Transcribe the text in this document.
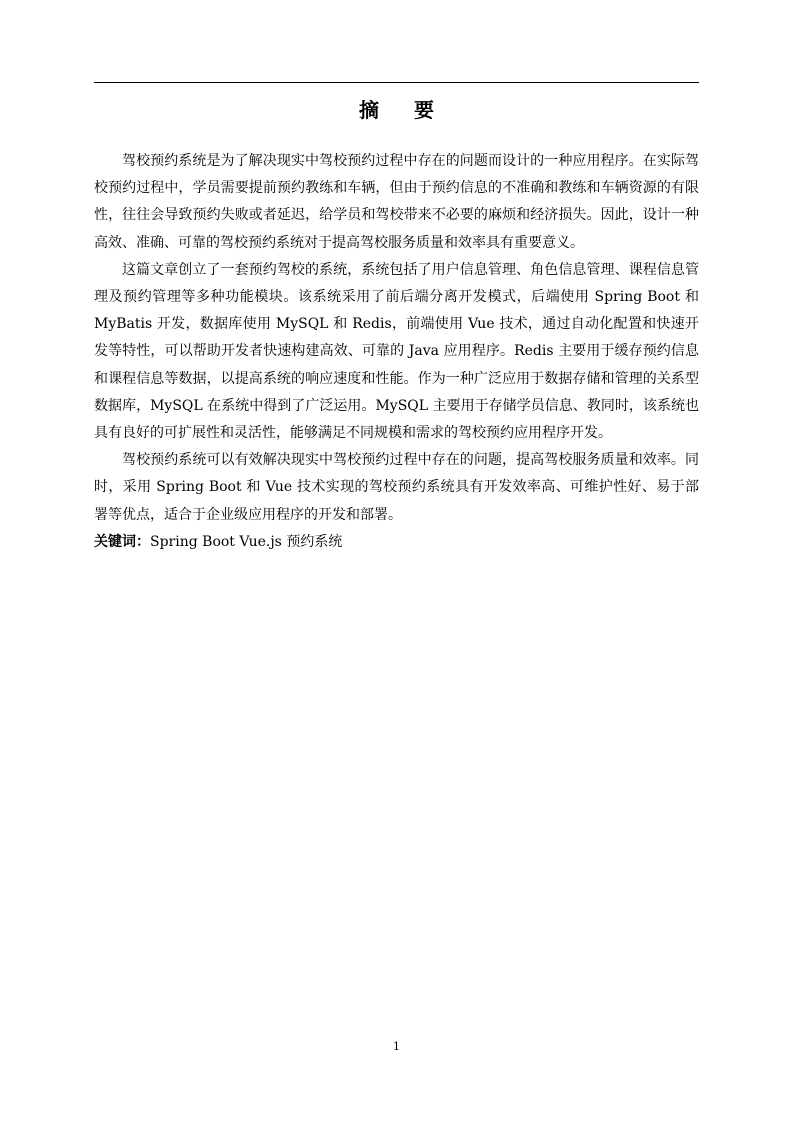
摘 要

驾校预约系统是为了解决现实中驾校预约过程中存在的问题而设计的一种应用程序。在实际驾校预约过程中，学员需要提前预约教练和车辆，但由于预约信息的不准确和教练和车辆资源的有限性，往往会导致预约失败或者延迟，给学员和驾校带来不必要的麻烦和经济损失。因此，设计一种高效、准确、可靠的驾校预约系统对于提高驾校服务质量和效率具有重要意义。

这篇文章创立了一套预约驾校的系统，系统包括了用户信息管理、角色信息管理、课程信息管理及预约管理等多种功能模块。该系统采用了前后端分离开发模式，后端使用 Spring Boot 和 MyBatis 开发，数据库使用 MySQL 和 Redis，前端使用 Vue 技术，通过自动化配置和快速开发等特性，可以帮助开发者快速构建高效、可靠的 Java 应用程序。Redis 主要用于缓存预约信息和课程信息等数据，以提高系统的响应速度和性能。作为一种广泛应用于数据存储和管理的关系型数据库，MySQL 在系统中得到了广泛运用。MySQL 主要用于存储学员信息、教同时，该系统也具有良好的可扩展性和灵活性，能够满足不同规模和需求的驾校预约应用程序开发。

驾校预约系统可以有效解决现实中驾校预约过程中存在的问题，提高驾校服务质量和效率。同时，采用 Spring Boot 和 Vue 技术实现的驾校预约系统具有开发效率高、可维护性好、易于部署等优点，适合于企业级应用程序的开发和部署。

关键词：Spring Boot Vue.js 预约系统

1
